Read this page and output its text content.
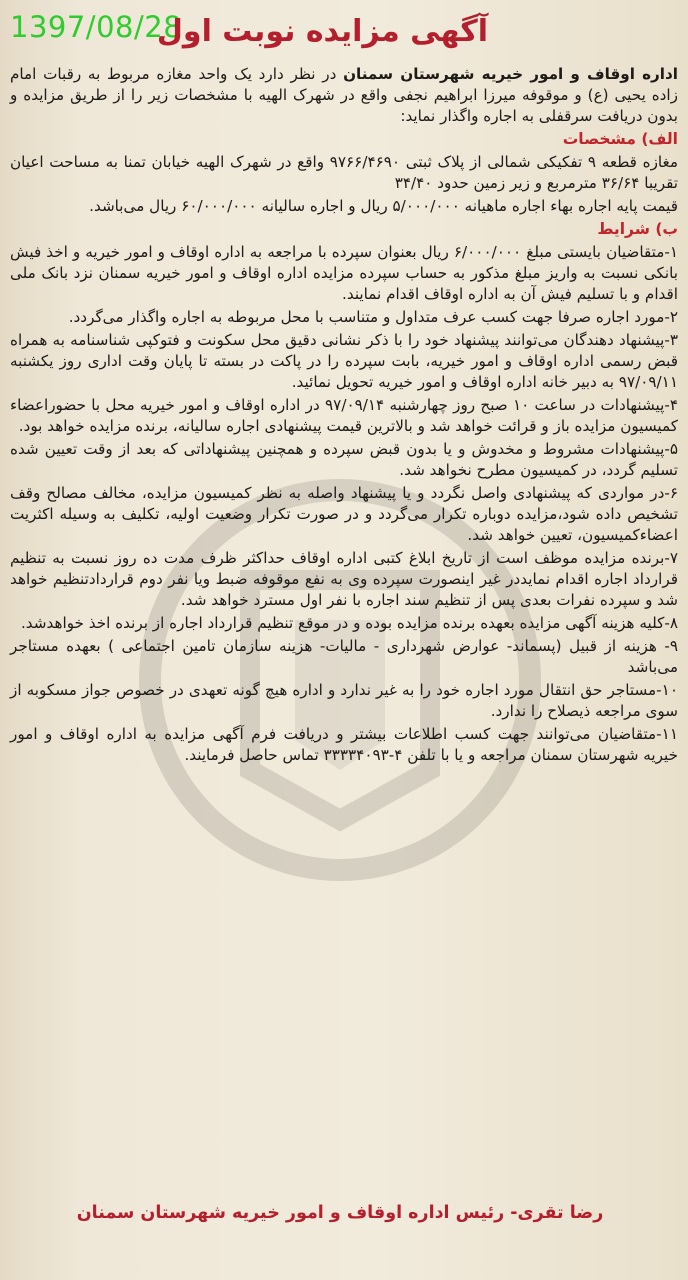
1397/08/28
آگهی مزایده نوبت اول

اداره اوقاف و امور خیریه شهرستان سمنان در نظر دارد یک واحد مغازه مربوط به رقبات امام زاده یحیی (ع) و موقوفه میرزا ابراهیم نجفی واقع در شهرک الهیه با مشخصات زیر را از طریق مزایده و بدون دریافت سرقفلی به اجاره واگذار نماید:

الف) مشخصات

مغازه قطعه ۹ تفکیکی شمالی از پلاک ثبتی ۹۷۶۶/۴۶۹۰ واقع در شهرک الهیه خیابان تمنا به مساحت اعیان تقریبا ۳۶/۶۴ مترمربع و زیر زمین حدود ۳۴/۴۰

قیمت پایه اجاره بهاء اجاره ماهیانه ۵/۰۰۰/۰۰۰ ریال و اجاره سالیانه ۶۰/۰۰۰/۰۰۰ ریال می‌باشد.

ب) شرایط

۱-متقاضیان بایستی مبلغ ۶/۰۰۰/۰۰۰ ریال بعنوان سپرده با مراجعه به اداره اوقاف و امور خیریه و اخذ فیش بانکی نسبت به واریز مبلغ مذکور به حساب سپرده مزایده اداره اوقاف و امور خیریه سمنان نزد بانک ملی اقدام و با تسلیم فیش آن به اداره اوقاف اقدام نمایند.

۲-مورد اجاره صرفا جهت کسب عرف متداول و متناسب با محل مربوطه به اجاره واگذار می‌گردد.

۳-پیشنهاد دهندگان می‌توانند پیشنهاد خود را با ذکر نشانی دقیق محل سکونت و فتوکپی شناسنامه به همراه قبض رسمی اداره اوقاف و امور خیریه، بابت سپرده را در پاکت در بسته تا پایان وقت اداری روز یکشنبه ۹۷/۰۹/۱۱ به دبیر خانه اداره اوقاف و امور خیریه تحویل نمائید.

۴-پیشنهادات در ساعت ۱۰ صبح روز چهارشنبه ۹۷/۰۹/۱۴ در اداره اوقاف و امور خیریه محل با حضوراعضاء کمیسیون مزایده باز و قرائت خواهد شد و بالاترین قیمت پیشنهادی اجاره سالیانه، برنده مزایده خواهد بود.

۵-پیشنهادات مشروط و مخدوش و یا بدون قبض سپرده و همچنین پیشنهاداتی که بعد از وقت تعیین شده تسلیم گردد، در کمیسیون مطرح نخواهد شد.

۶-در مواردی که پیشنهادی واصل نگردد و یا پیشنهاد واصله به نظر کمیسیون مزایده، مخالف مصالح وقف تشخیص داده شود،مزایده دوباره تکرار می‌گردد و در صورت تکرار وضعیت اولیه، تکلیف به وسیله اکثریت اعضاءکمیسیون، تعیین خواهد شد.

۷-برنده مزایده موظف است از تاریخ ابلاغ کتبی اداره اوقاف حداکثر ظرف مدت ده روز نسبت به تنظیم قرارداد اجاره اقدام نمایددر غیر اینصورت سپرده وی به نفع موقوفه ضبط ویا نفر دوم قراردادتنظیم خواهد شد و سپرده نفرات بعدی پس از تنظیم سند اجاره با نفر اول مسترد خواهد شد.

۸-کلیه هزینه آگهی مزایده بعهده برنده مزایده بوده و در موقع تنظیم قرارداد اجاره از برنده اخذ خواهدشد.

۹- هزینه از قبیل (پسماند- عوارض شهرداری - مالیات- هزینه سازمان تامین اجتماعی ) بعهده مستاجر می‌باشد

۱۰-مستاجر حق انتقال مورد اجاره خود را به غیر ندارد و اداره هیچ گونه تعهدی در خصوص جواز مسکوبه از سوی مراجعه ذیصلاح را ندارد.

۱۱-متقاضیان می‌توانند جهت کسب اطلاعات بیشتر و دریافت فرم آگهی مزایده به اداره اوقاف و امور خیریه شهرستان سمنان مراجعه و یا با تلفن ۴-۳۳۳۳۴۰۹۳ تماس حاصل فرمایند.

رضا تقری- رئیس اداره اوقاف و امور خیریه شهرستان سمنان
